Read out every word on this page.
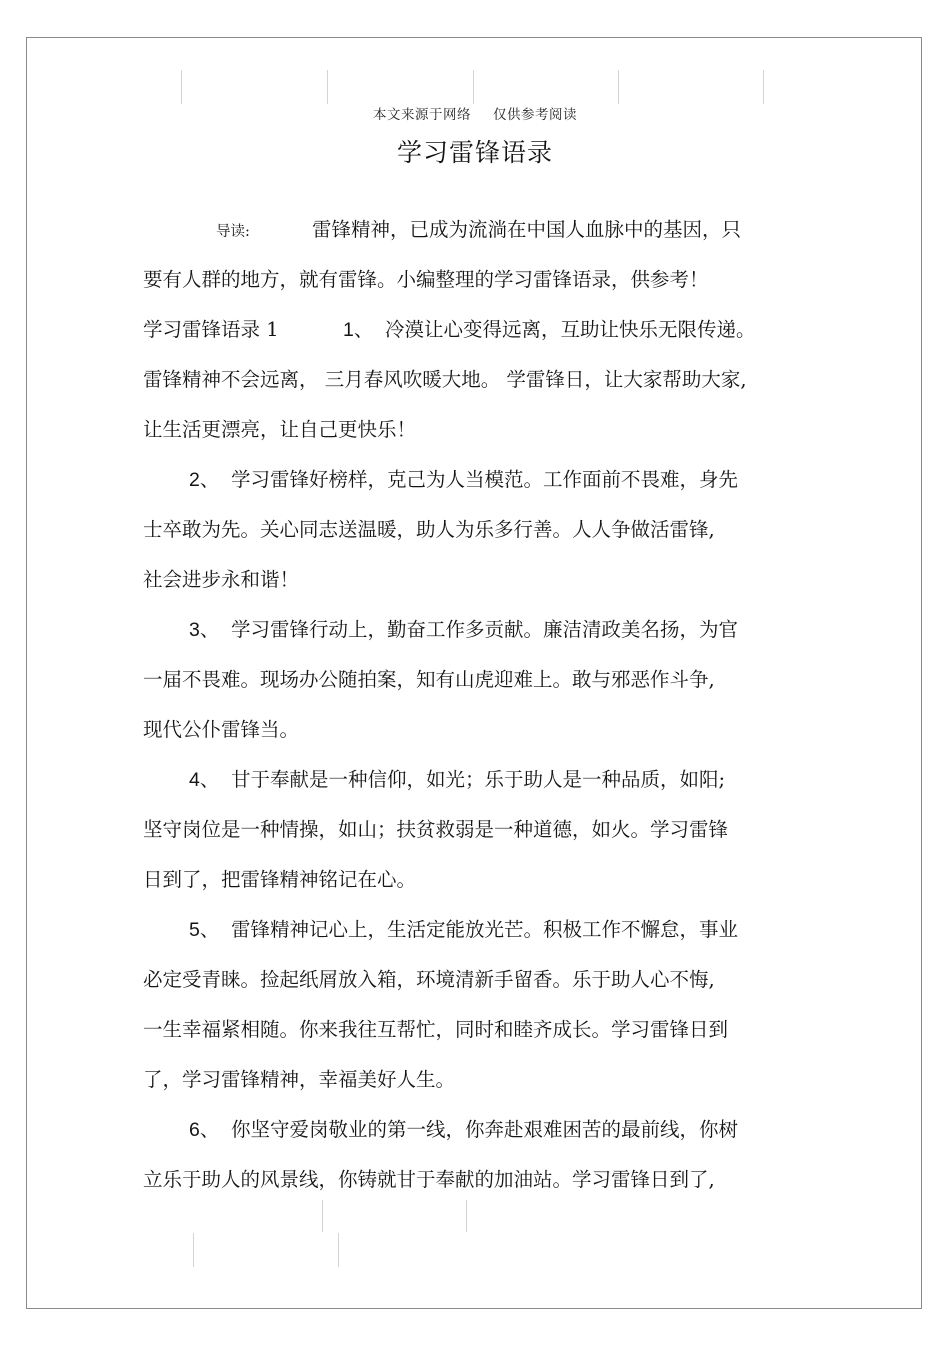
本文来源于网络 仅供参考阅读
学习雷锋语录
导读:	雷锋精神，已成为流淌在中国人血脉中的基因，只
要有人群的地方，就有雷锋。小编整理的学习雷锋语录，供参考！
学习雷锋语录 1	1、 冷漠让心变得远离，互助让快乐无限传递。
雷锋精神不会远离， 三月春风吹暖大地。 学雷锋日，让大家帮助大家,
让生活更漂亮，让自己更快乐！
2、 学习雷锋好榜样，克己为人当模范。工作面前不畏难，身先
士卒敢为先。关心同志送温暖，助人为乐多行善。人人争做活雷锋,
社会进步永和谐！
3、 学习雷锋行动上，勤奋工作多贡献。廉洁清政美名扬，为官
一届不畏难。现场办公随拍案，知有山虎迎难上。敢与邪恶作斗争,
现代公仆雷锋当。
4、 甘于奉献是一种信仰，如光；乐于助人是一种品质，如阳;
坚守岗位是一种情操，如山；扶贫救弱是一种道德，如火。学习雷锋
日到了，把雷锋精神铭记在心。
5、 雷锋精神记心上，生活定能放光芒。积极工作不懈怠，事业
必定受青睐。捡起纸屑放入箱，环境清新手留香。乐于助人心不悔,
一生幸福紧相随。你来我往互帮忙，同时和睦齐成长。学习雷锋日到
了，学习雷锋精神，幸福美好人生。
6、 你坚守爱岗敬业的第一线，你奔赴艰难困苦的最前线，你树
立乐于助人的风景线，你铸就甘于奉献的加油站。学习雷锋日到了,
